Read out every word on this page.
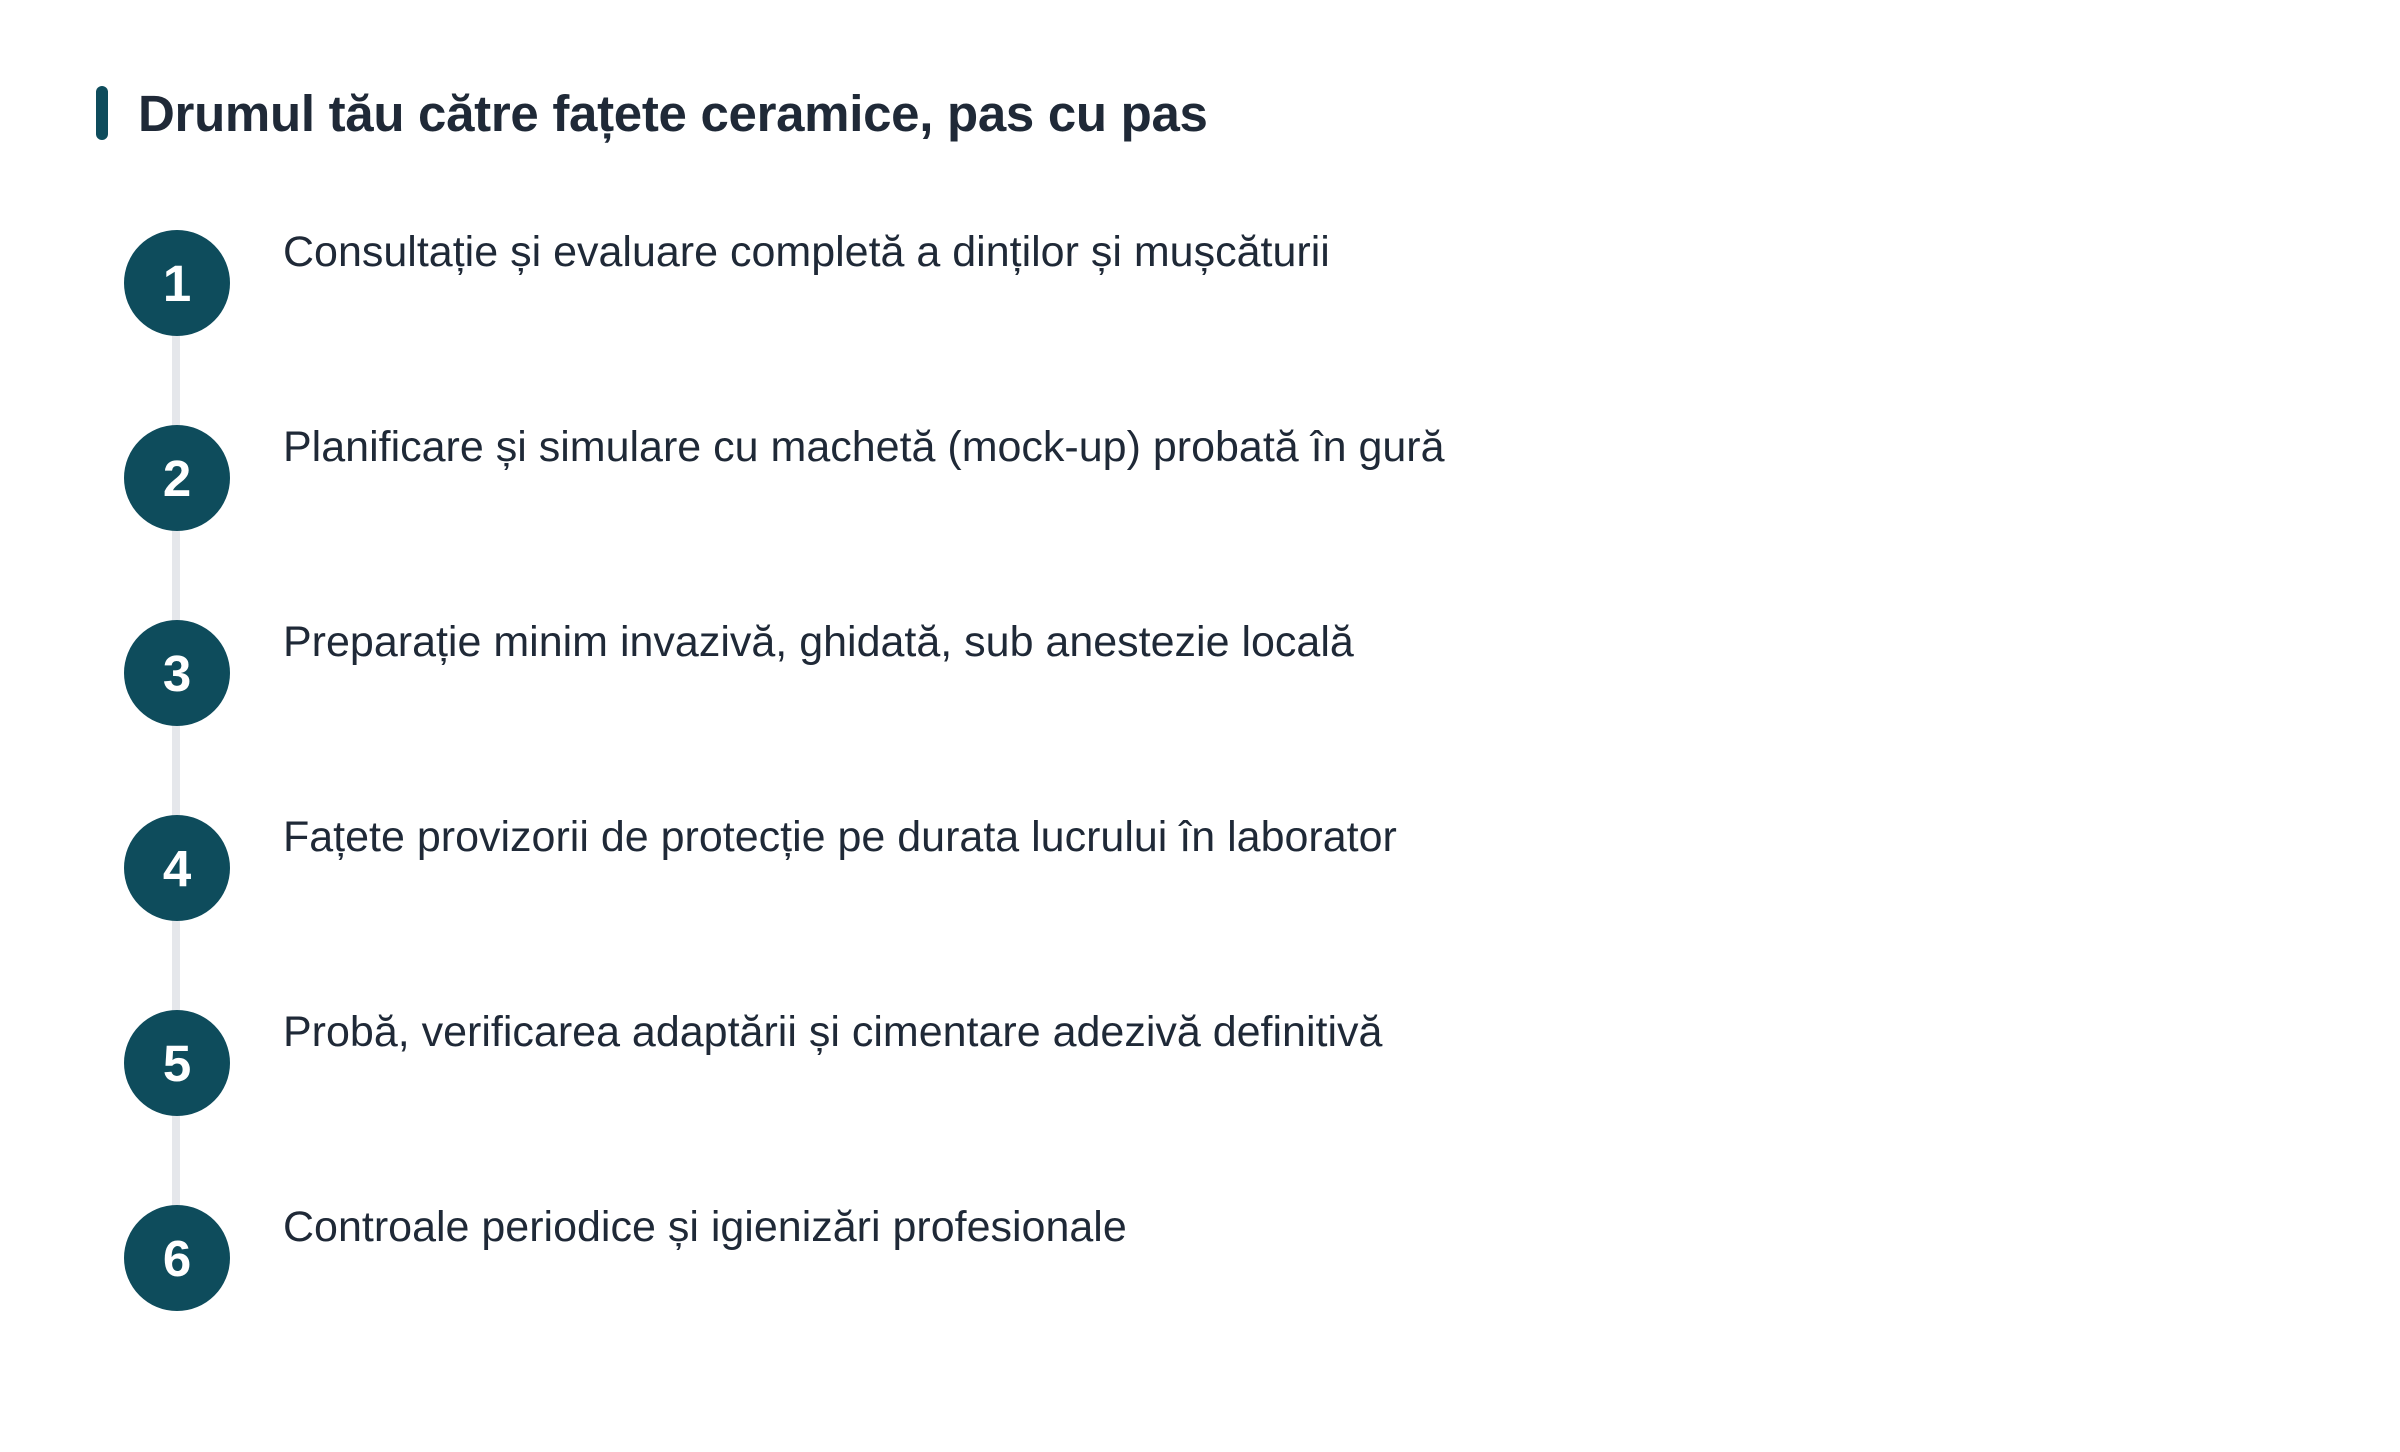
Drumul tău către fațete ceramice, pas cu pas
1
Consultație și evaluare completă a dinților și mușcăturii
2
Planificare și simulare cu machetă (mock-up) probată în gură
3
Preparație minim invazivă, ghidată, sub anestezie locală
4
Fațete provizorii de protecție pe durata lucrului în laborator
5
Probă, verificarea adaptării și cimentare adezivă definitivă
6
Controale periodice și igienizări profesionale
